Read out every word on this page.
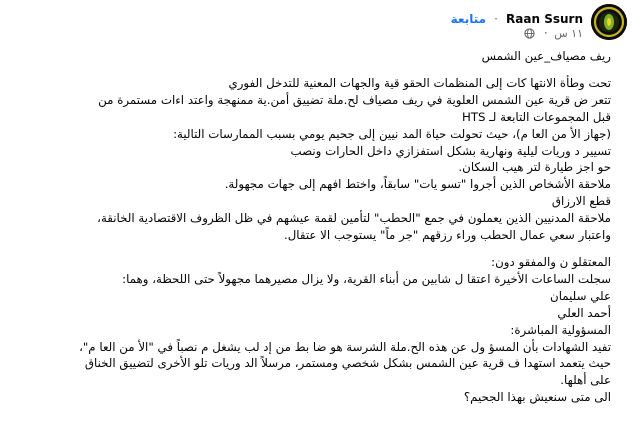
Raan Ssurn · متابعة
١١ س ·

ريف مصياف_عين الشمس

تحت وطأة الانتها كات إلى المنظمات الحقو قية والجهات المعنية للتدخل الفوري

تتعر ض قرية عين الشمس العلوية في ريف مصياف لح.ملة تضييق أمن.ية ممنهجة واعتد اءات مستمرة من

قبل المجموعات التابعة لـ HTS

(جهاز الأ من العا م)، حيث تحولت حياة المد نيين إلى جحيم يومي بسبب الممارسات التالية:

تسيير د وريات ليلية ونهارية بشكل استفزازي داخل الحارات ونصب

حو اجز طيارة لتر هيب السكان.

ملاحقة الأشخاص الذين أجروا "تسو يات" سابقاً، واختط افهم إلى جهات مجهولة.

قطع الارزاق

ملاحقة المدنيين الذين يعملون في جمع "الحطب" لتأمين لقمة عيشهم في ظل الظروف الاقتصادية الخانقة،

واعتبار سعي عمال الحطب وراء رزقهم "جر ماً" يستوجب الا عتقال.

المعتقلو ن والمفقو دون:

سجلت الساعات الأخيرة اعتقا ل شابين من أبناء القرية، ولا يزال مصيرهما مجهولاً حتى اللحظة، وهما:

علي سليمان

أحمد العلي

المسؤولية المباشرة:

تفيد الشهادات بأن المسؤ ول عن هذه الح.ملة الشرسة هو ضا بط من إد لب يشغل م نصباً في "الأ من العا م"،

حيث يتعمد استهدا ف قرية عين الشمس بشكل شخصي ومستمر، مرسلاً الد وريات تلو الأخرى لتضييق الخناق

على أهلها.

الى متى سنعيش بهذا الجحيم؟
